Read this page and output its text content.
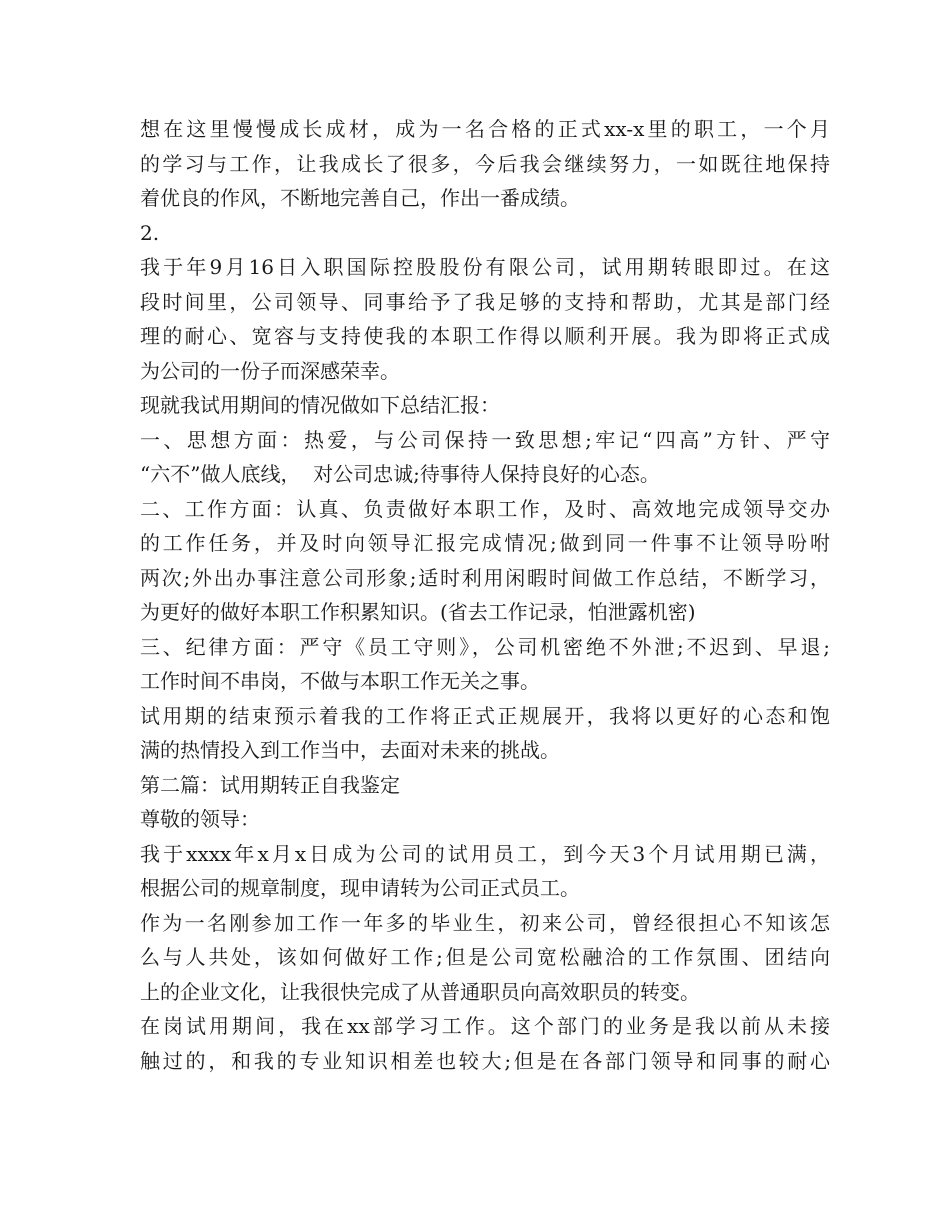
想在这里慢慢成长成材，成为一名合格的正式xx-x里的职工，一个月
的学习与工作，让我成长了很多，今后我会继续努力，一如既往地保持
着优良的作风，不断地完善自己，作出一番成绩。
2.
我于年9月16日入职国际控股股份有限公司，试用期转眼即过。在这
段时间里，公司领导、同事给予了我足够的支持和帮助，尤其是部门经
理的耐心、宽容与支持使我的本职工作得以顺利开展。我为即将正式成
为公司的一份子而深感荣幸。
现就我试用期间的情况做如下总结汇报：
一、思想方面：热爱，与公司保持一致思想;牢记“四高”方针、严守
“六不”做人底线，  对公司忠诚;待事待人保持良好的心态。
二、工作方面：认真、负责做好本职工作，及时、高效地完成领导交办
的工作任务，并及时向领导汇报完成情况;做到同一件事不让领导吩咐
两次;外出办事注意公司形象;适时利用闲暇时间做工作总结，不断学习，
为更好的做好本职工作积累知识。(省去工作记录，怕泄露机密)
三、纪律方面：严守《员工守则》，公司机密绝不外泄;不迟到、早退;
工作时间不串岗，不做与本职工作无关之事。
试用期的结束预示着我的工作将正式正规展开，我将以更好的心态和饱
满的热情投入到工作当中，去面对未来的挑战。
第二篇：试用期转正自我鉴定
尊敬的领导：
我于xxxx年x月x日成为公司的试用员工，到今天3个月试用期已满，
根据公司的规章制度，现申请转为公司正式员工。
作为一名刚参加工作一年多的毕业生，初来公司，曾经很担心不知该怎
么与人共处，该如何做好工作;但是公司宽松融洽的工作氛围、团结向
上的企业文化，让我很快完成了从普通职员向高效职员的转变。
在岗试用期间，我在xx部学习工作。这个部门的业务是我以前从未接
触过的，和我的专业知识相差也较大;但是在各部门领导和同事的耐心
